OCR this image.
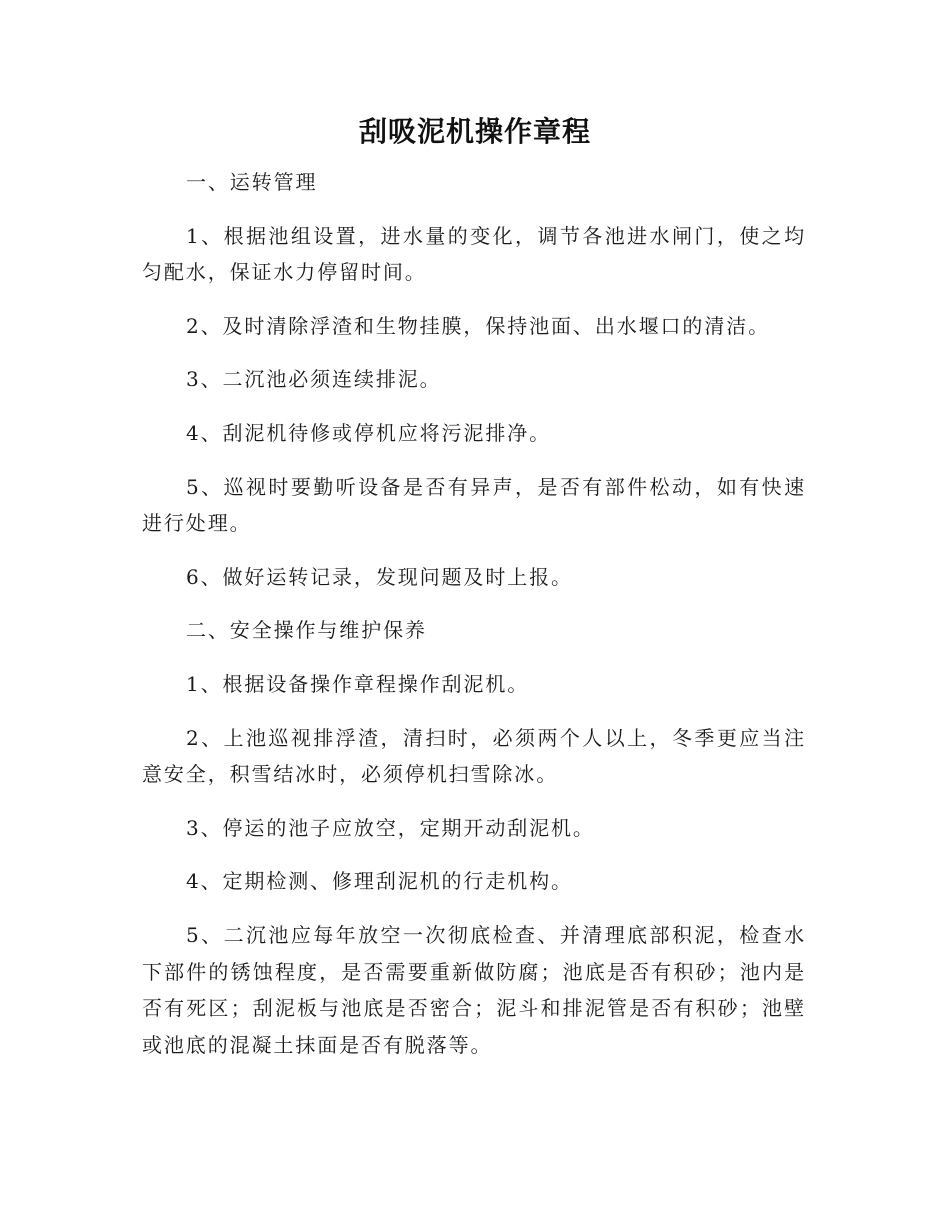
刮吸泥机操作章程

一、运转管理

1、根据池组设置，进水量的变化，调节各池进水闸门，使之均匀配水，保证水力停留时间。

2、及时清除浮渣和生物挂膜，保持池面、出水堰口的清洁。

3、二沉池必须连续排泥。

4、刮泥机待修或停机应将污泥排净。

5、巡视时要勤听设备是否有异声，是否有部件松动，如有快速进行处理。

6、做好运转记录，发现问题及时上报。

二、安全操作与维护保养

1、根据设备操作章程操作刮泥机。

2、上池巡视排浮渣，清扫时，必须两个人以上，冬季更应当注意安全，积雪结冰时，必须停机扫雪除冰。

3、停运的池子应放空，定期开动刮泥机。

4、定期检测、修理刮泥机的行走机构。

5、二沉池应每年放空一次彻底检查、并清理底部积泥，检查水下部件的锈蚀程度，是否需要重新做防腐；池底是否有积砂；池内是否有死区；刮泥板与池底是否密合；泥斗和排泥管是否有积砂；池壁或池底的混凝土抹面是否有脱落等。
